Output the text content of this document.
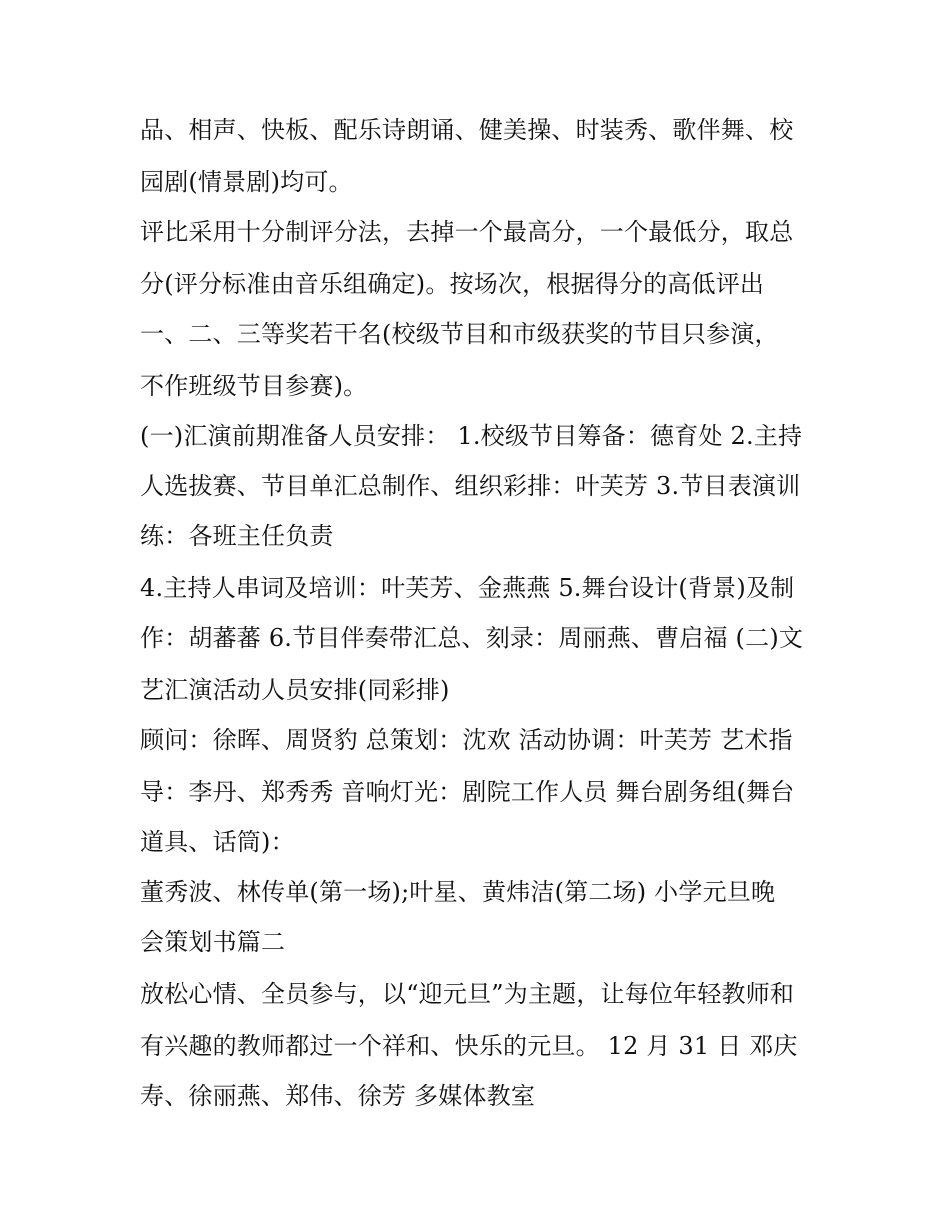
品、相声、快板、配乐诗朗诵、健美操、时装秀、歌伴舞、校
园剧(情景剧)均可。
评比采用十分制评分法，去掉一个最高分，一个最低分，取总
分(评分标准由音乐组确定)。按场次，根据得分的高低评出
一、二、三等奖若干名(校级节目和市级获奖的节目只参演，
不作班级节目参赛)。
(一)汇演前期准备人员安排： 1.校级节目筹备：德育处 2.主持
人选拔赛、节目单汇总制作、组织彩排：叶芙芳 3.节目表演训
练：各班主任负责
4.主持人串词及培训：叶芙芳、金燕燕 5.舞台设计(背景)及制
作：胡蕃蕃 6.节目伴奏带汇总、刻录：周丽燕、曹启福 (二)文
艺汇演活动人员安排(同彩排)
顾问：徐晖、周贤豹 总策划：沈欢 活动协调：叶芙芳 艺术指
导：李丹、郑秀秀 音响灯光：剧院工作人员 舞台剧务组(舞台
道具、话筒)：
董秀波、林传单(第一场);叶星、黄炜洁(第二场) 小学元旦晚
会策划书篇二
放松心情、全员参与，以“迎元旦”为主题，让每位年轻教师和
有兴趣的教师都过一个祥和、快乐的元旦。 12 月 31 日 邓庆
寿、徐丽燕、郑伟、徐芳 多媒体教室
